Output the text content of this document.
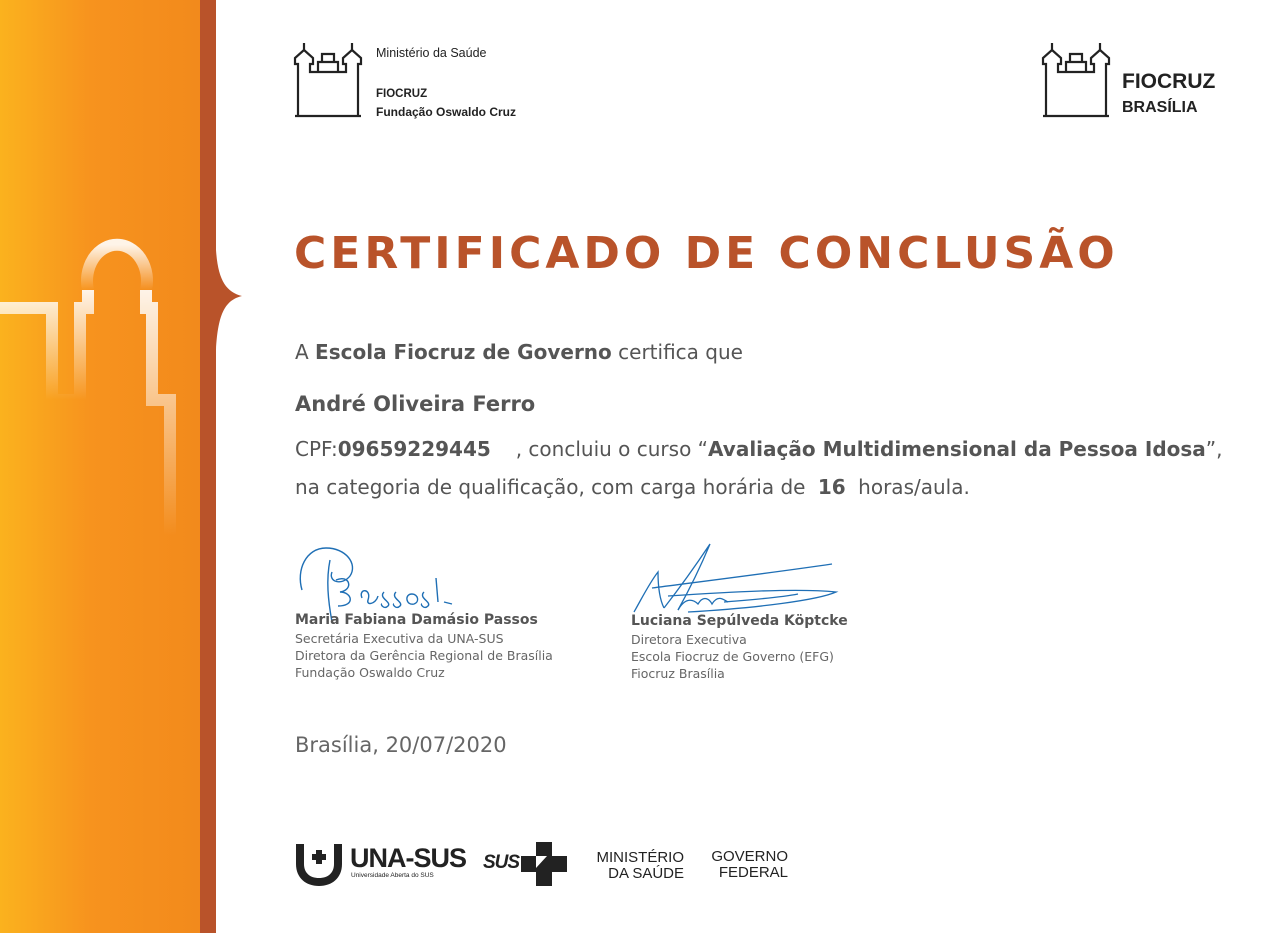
Ministério da Saúde
FIOCRUZ
Fundação Oswaldo Cruz
FIOCRUZ
BRASÍLIA
CERTIFICADO DE CONCLUSÃO
A Escola Fiocruz de Governo certifica que
André Oliveira Ferro
CPF:09659229445 , concluiu o curso “Avaliação Multidimensional da Pessoa Idosa”,
na categoria de qualificação, com carga horária de 16 horas/aula.
Maria Fabiana Damásio Passos
Secretária Executiva da UNA-SUS
Diretora da Gerência Regional de Brasília
Fundação Oswaldo Cruz
Luciana Sepúlveda Köptcke
Diretora Executiva
Escola Fiocruz de Governo (EFG)
Fiocruz Brasília
Brasília, 20/07/2020
UNA-SUS
Universidade Aberta do SUS
SUS	MINISTÉRIO
DA SAÚDE
GOVERNO
FEDERAL
